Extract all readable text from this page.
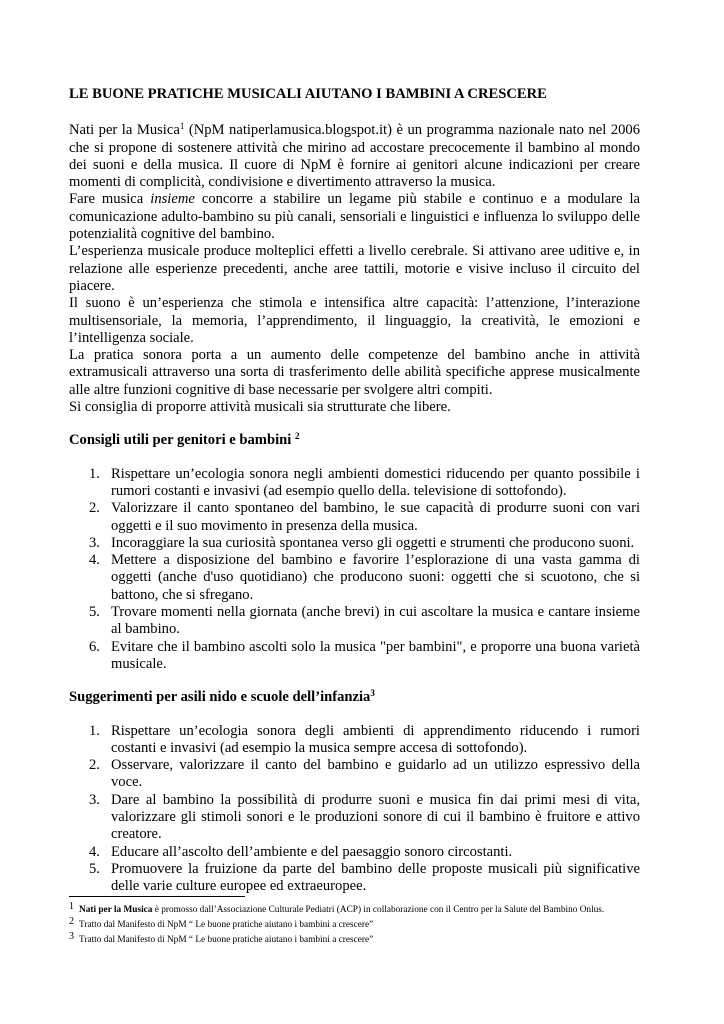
LE BUONE PRATICHE MUSICALI AIUTANO I BAMBINI A CRESCERE

Nati per la Musica$^1$ (NpM natiperlamusica.blogspot.it) è un programma nazionale nato nel 2006 che si propone di sostenere attività che mirino ad accostare precocemente il bambino al mondo dei suoni e della musica. Il cuore di NpM è fornire ai genitori alcune indicazioni per creare momenti di complicità, condivisione e divertimento attraverso la musica.

Fare musica insieme concorre a stabilire un legame più stabile e continuo e a modulare la comunicazione adulto-bambino su più canali, sensoriali e linguistici e influenza lo sviluppo delle potenzialità cognitive del bambino.

L’esperienza musicale produce molteplici effetti a livello cerebrale. Si attivano aree uditive e, in relazione alle esperienze precedenti, anche aree tattili, motorie e visive incluso il circuito del piacere.

Il suono è un’esperienza che stimola e intensifica altre capacità: l’attenzione, l’interazione multisensoriale, la memoria, l’apprendimento, il linguaggio, la creatività, le emozioni e l’intelligenza sociale.

La pratica sonora porta a un aumento delle competenze del bambino anche in attività extramusicali attraverso una sorta di trasferimento delle abilità specifiche apprese musicalmente alle altre funzioni cognitive di base necessarie per svolgere altri compiti.

Si consiglia di proporre attività musicali sia strutturate che libere.

Consigli utili per genitori e bambini $^2$
1. Rispettare un’ecologia sonora negli ambienti domestici riducendo per quanto possibile i rumori costanti e invasivi (ad esempio quello della. televisione di sottofondo).
2. Valorizzare il canto spontaneo del bambino, le sue capacità di produrre suoni con vari oggetti e il suo movimento in presenza della musica.
3. Incoraggiare la sua curiosità spontanea verso gli oggetti e strumenti che producono suoni.
4. Mettere a disposizione del bambino e favorire l’esplorazione di una vasta gamma di oggetti (anche d'uso quotidiano) che producono suoni: oggetti che si scuotono, che si battono, che si sfregano.
5. Trovare momenti nella giornata (anche brevi) in cui ascoltare la musica e cantare insieme al bambino.
6. Evitare che il bambino ascolti solo la musica "per bambini", e proporre una buona varietà musicale.
Suggerimenti per asili nido e scuole dell’infanzia$^3$
1. Rispettare un’ecologia sonora degli ambienti di apprendimento riducendo i rumori costanti e invasivi (ad esempio la musica sempre accesa di sottofondo).
2. Osservare, valorizzare il canto del bambino e guidarlo ad un utilizzo espressivo della voce.
3. Dare al bambino la possibilità di produrre suoni e musica fin dai primi mesi di vita, valorizzare gli stimoli sonori e le produzioni sonore di cui il bambino è fruitore e attivo creatore.
4. Educare all’ascolto dell’ambiente e del paesaggio sonoro circostanti.
5. Promuovere la fruizione da parte del bambino delle proposte musicali più significative delle varie culture europee ed extraeuropee.
$^1$ Nati per la Musica è promosso dall’Associazione Culturale Pediatri (ACP) in collaborazione con il Centro per la Salute del Bambino Onlus.
$^2$ Tratto dal Manifesto di NpM “ Le buone pratiche aiutano i bambini a crescere”
$^3$ Tratto dal Manifesto di NpM “ Le buone pratiche aiutano i bambini a crescere”
